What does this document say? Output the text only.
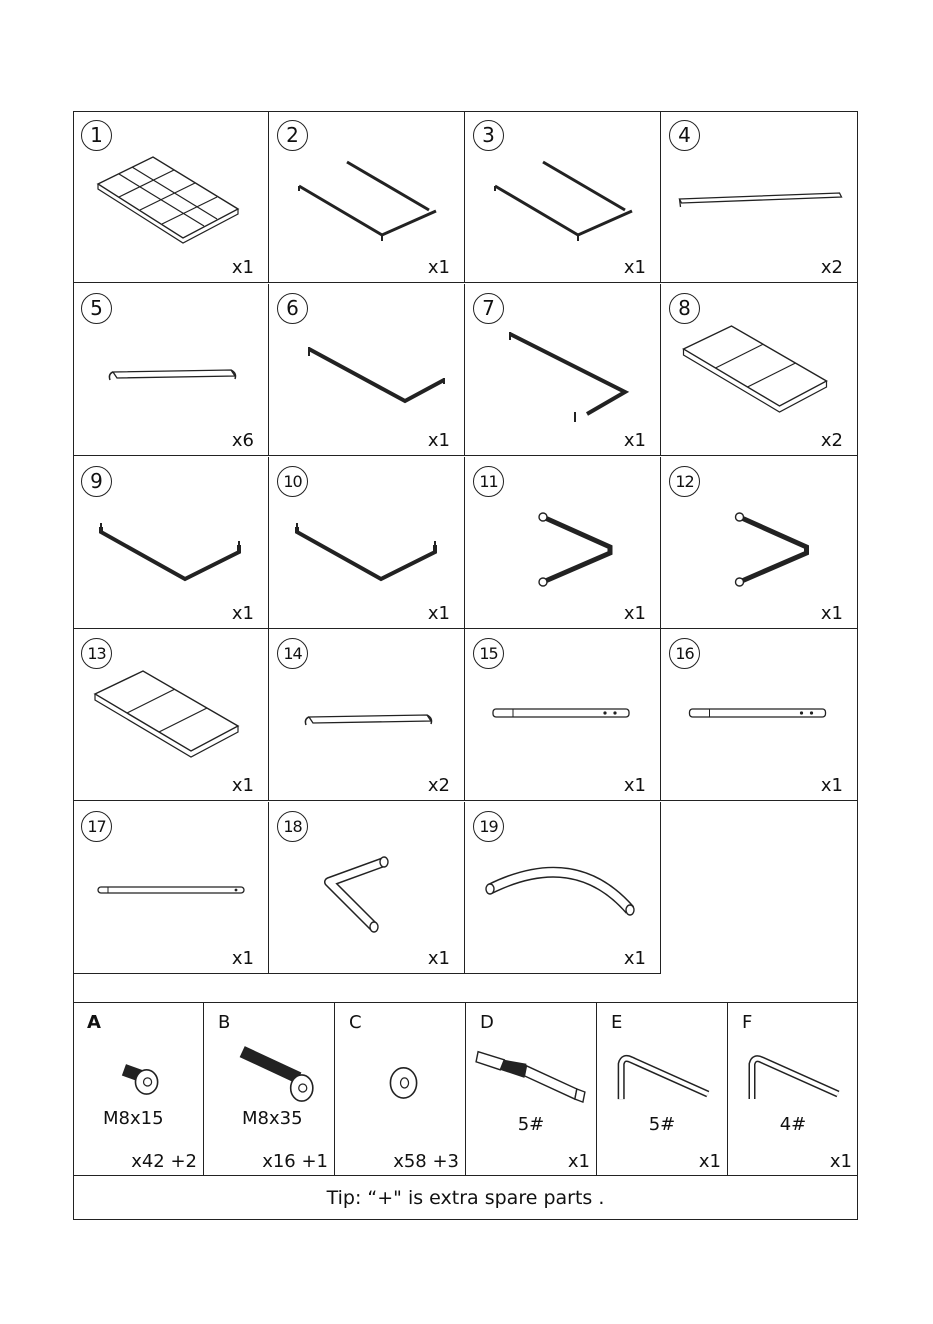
1
x1
2
x1
3
x1
4
x2
5
x6
6
x1
7
x1
8
x2
9
x1
10
x1
11
x1
12
x1
13
x1
14
x2
15
x1
16
x1
17
x1
18
x1
19
x1
A
M8x15
x42 +2
B
M8x35
x16 +1
C
x58 +3
D
5#
x1
E
5#
x1
F
4#
x1
Tip: “+" is extra spare parts .
